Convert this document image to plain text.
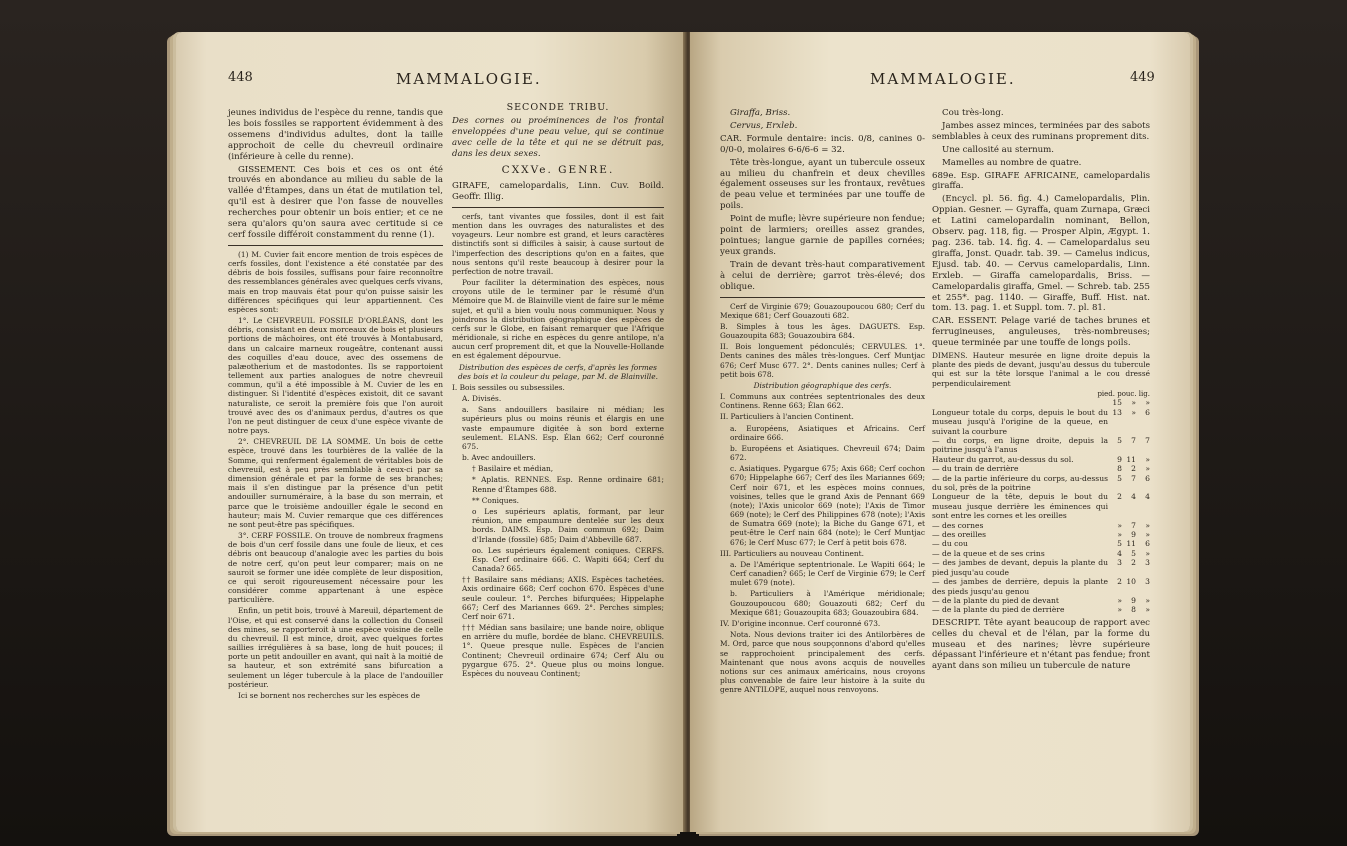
448	MAMMALOGIE.

jeunes individus de l'espèce du renne, tandis que les bois fossiles se rapportent évidemment à des ossemens d'individus adultes, dont la taille approchoit de celle du chevreuil ordinaire (inférieure à celle du renne).

GISSEMENT. Ces bois et ces os ont été trouvés en abondance au milieu du sable de la vallée d'Étampes, dans un état de mutilation tel, qu'il est à desirer que l'on fasse de nouvelles recherches pour obtenir un bois entier; et ce ne sera qu'alors qu'on saura avec certitude si ce cerf fossile différoit constamment du renne (1).

(1) M. Cuvier fait encore mention de trois espèces de cerfs fossiles, dont l'existence a été constatée par des débris de bois fossiles, suffisans pour faire reconnoître des ressemblances générales avec quelques cerfs vivans, mais en trop mauvais état pour qu'on puisse saisir les différences spécifiques qui leur appartiennent. Ces espèces sont:

1°. Le CHEVREUIL FOSSILE D'ORLÉANS, dont les débris, consistant en deux morceaux de bois et plusieurs portions de mâchoires, ont été trouvés à Montabusard, dans un calcaire marneux rougeâtre, contenant aussi des coquilles d'eau douce, avec des ossemens de palæotherium et de mastodontes. Ils se rapportoient tellement aux parties analogues de notre chevreuil commun, qu'il a été impossible à M. Cuvier de les en distinguer. Si l'identité d'espèces existoit, dit ce savant naturaliste, ce seroit la première fois que l'on auroit trouvé avec des os d'animaux perdus, d'autres os que l'on ne peut distinguer de ceux d'une espèce vivante de notre pays.

2°. CHEVREUIL DE LA SOMME. Un bois de cette espèce, trouvé dans les tourbières de la vallée de la Somme, qui renferment également de véritables bois de chevreuil, est à peu près semblable à ceux-ci par sa dimension générale et par la forme de ses branches; mais il s'en distingue par la présence d'un petit andouiller surnuméraire, à la base du son merrain, et parce que le troisième andouiller égale le second en hauteur; mais M. Cuvier remarque que ces différences ne sont peut-être pas spécifiques.

3°. CERF FOSSILE. On trouve de nombreux fragmens de bois d'un cerf fossile dans une foule de lieux, et ces débris ont beaucoup d'analogie avec les parties du bois de notre cerf, qu'on peut leur comparer; mais on ne sauroit se former une idée complète de leur disposition, ce qui seroit rigoureusement nécessaire pour les considérer comme appartenant à une espèce particulière.

Enfin, un petit bois, trouvé à Mareuil, département de l'Oise, et qui est conservé dans la collection du Conseil des mines, se rapporteroit à une espèce voisine de celle du chevreuil. Il est mince, droit, avec quelques fortes saillies irrégulières à sa base, long de huit pouces; il porte un petit andouiller en avant, qui naît à la moitié de sa hauteur, et son extrémité sans bifurcation a seulement un léger tubercule à la place de l'andouiller postérieur.

Ici se bornent nos recherches sur les espèces de

SECONDE TRIBU.

Des cornes ou proéminences de l'os frontal enveloppées d'une peau velue, qui se continue avec celle de la tête et qui ne se détruit pas, dans les deux sexes.

CXXVe. GENRE.

GIRAFE, camelopardalis, Linn. Cuv. Boild. Geoffr. Illig.

cerfs, tant vivantes que fossiles, dont il est fait mention dans les ouvrages des naturalistes et des voyageurs. Leur nombre est grand, et leurs caractères distinctifs sont si difficiles à saisir, à cause surtout de l'imperfection des descriptions qu'on en a faites, que nous sentons qu'il reste beaucoup à desirer pour la perfection de notre travail.

Pour faciliter la détermination des espèces, nous croyons utile de le terminer par le résumé d'un Mémoire que M. de Blainville vient de faire sur le même sujet, et qu'il a bien voulu nous communiquer. Nous y joindrons la distribution géographique des espèces de cerfs sur le Globe, en faisant remarquer que l'Afrique méridionale, si riche en espèces du genre antilope, n'a aucun cerf proprement dit, et que la Nouvelle-Hollande en est également dépourvue.

Distribution des espèces de cerfs, d'après les formes des bois et la couleur du pelage, par M. de Blainville.

I. Bois sessiles ou subsessiles.

A. Divisés.

a. Sans andouillers basilaire ni médian; les supérieurs plus ou moins réunis et élargis en une vaste empaumure digitée à son bord externe seulement. ELANS. Esp. Élan 662; Cerf couronné 675.

b. Avec andouillers.

† Basilaire et médian,

* Aplatis. RENNES. Esp. Renne ordinaire 681; Renne d'Étampes 688.

** Coniques.

o Les supérieurs aplatis, formant, par leur réunion, une empaumure dentelée sur les deux bords. DAIMS. Esp. Daim commun 692; Daim d'Irlande (fossile) 685; Daim d'Abbeville 687.

oo. Les supérieurs également coniques. CERFS. Esp. Cerf ordinaire 666. C. Wapiti 664; Cerf du Canada? 665.

†† Basilaire sans médians; AXIS. Espèces tachetées. Axis ordinaire 668; Cerf cochon 670. Espèces d'une seule couleur. 1°. Perches bifurquées; Hippelaphe 667; Cerf des Mariannes 669. 2°. Perches simples; Cerf noir 671.

††† Médian sans basilaire; une bande noire, oblique en arrière du mufle, bordée de blanc. CHEVREUILS. 1°. Queue presque nulle. Espèces de l'ancien Continent; Chevreuil ordinaire 674; Cerf Alu ou pygargue 675. 2°. Queue plus ou moins longue. Espèces du nouveau Continent;

MAMMALOGIE.	449

Giraffa, Briss.

Cervus, Erxleb.

CAR. Formule dentaire: incis. 0/8, canines 0-0/0-0, molaires 6-6/6-6 = 32.

Tête très-longue, ayant un tubercule osseux au milieu du chanfrein et deux chevilles également osseuses sur les frontaux, revêtues de peau velue et terminées par une touffe de poils.

Point de mufle; lèvre supérieure non fendue; point de larmiers; oreilles assez grandes, pointues; langue garnie de papilles cornées; yeux grands.

Train de devant très-haut comparativement à celui de derrière; garrot très-élevé; dos oblique.

Cerf de Virginie 679; Gouazoupoucou 680; Cerf du Mexique 681; Cerf Gouazouti 682.

B. Simples à tous les âges. DAGUETS. Esp. Gouazoupita 683; Gouazoubira 684.

II. Bois longuement pédonculés; CERVULES. 1°. Dents canines des mâles très-longues. Cerf Muntjac 676; Cerf Musc 677. 2°. Dents canines nulles; Cerf à petit bois 678.

Distribution géographique des cerfs.

I. Communs aux contrées septentrionales des deux Continens. Renne 663; Élan 662.

II. Particuliers à l'ancien Continent.

a. Européens, Asiatiques et Africains. Cerf ordinaire 666.

b. Européens et Asiatiques. Chevreuil 674; Daim 672.

c. Asiatiques. Pygargue 675; Axis 668; Cerf cochon 670; Hippelaphe 667; Cerf des îles Mariannes 669; Cerf noir 671, et les espèces moins connues, voisines, telles que le grand Axis de Pennant 669 (note); l'Axis unicolor 669 (note); l'Axis de Timor 669 (note); le Cerf des Philippines 678 (note); l'Axis de Sumatra 669 (note); la Biche du Gange 671, et peut-être le Cerf nain 684 (note); le Cerf Muntjac 676; le Cerf Musc 677; le Cerf à petit bois 678.

III. Particuliers au nouveau Continent.

a. De l'Amérique septentrionale. Le Wapiti 664; le Cerf canadien? 665; le Cerf de Virginie 679; le Cerf mulet 679 (note).

b. Particuliers à l'Amérique méridionale; Gouzoupoucou 680; Gouazouti 682; Cerf du Mexique 681; Gouazoupita 683; Gouazoubira 684.

IV. D'origine inconnue. Cerf couronné 673.

Nota. Nous devions traiter ici des Antilorbères de M. Ord, parce que nous soupçonnons d'abord qu'elles se rapprochoient principalement des cerfs. Maintenant que nous avons acquis de nouvelles notions sur ces animaux américains, nous croyons plus convenable de faire leur histoire à la suite du genre ANTILOPE, auquel nous renvoyons.

Cou très-long.

Jambes assez minces, terminées par des sabots semblables à ceux des ruminans proprement dits.

Une callosité au sternum.

Mamelles au nombre de quatre.

689e. Esp. GIRAFE AFRICAINE, camelopardalis giraffa.

(Encycl. pl. 56. fig. 4.) Camelopardalis, Plin. Oppian. Gesner. — Gyraffa, quam Zurnapa, Græci et Latini camelopardalin nominant, Bellon, Observ. pag. 118, fig. — Prosper Alpin, Ægypt. 1. pag. 236. tab. 14. fig. 4. — Camelopardalus seu giraffa, Jonst. Quadr. tab. 39. — Camelus indicus, Ejusd. tab. 40. — Cervus camelopardalis, Linn. Erxleb. — Giraffa camelopardalis, Briss. — Camelopardalis giraffa, Gmel. — Schreb. tab. 255 et 255*. pag. 1140. — Giraffe, Buff. Hist. nat. tom. 13. pag. 1. et Suppl. tom. 7. pl. 81.

CAR. ESSENT. Pelage varié de taches brunes et ferrugineuses, anguleuses, très-nombreuses; queue terminée par une touffe de longs poils.

DIMENS. Hauteur mesurée en ligne droite depuis la plante des pieds de devant, jusqu'au dessus du tubercule qui est sur la tête lorsque l'animal a le cou dressé perpendiculairement

pied. pouc. lig.
15	»	»
Longueur totale du corps, depuis le bout du museau jusqu'à l'origine de la queue, en suivant la courbure
13	»	6
— du corps, en ligne droite, depuis la poitrine jusqu'à l'anus
5	7	7
Hauteur du garrot, au-dessus du sol.	9 11	»
— du train de derrière	8	2	»
— de la partie inférieure du corps, au-dessus du sol, près de la poitrine
5	7	6
Longueur de la tête, depuis le bout du museau jusque derrière les éminences qui sont entre les cornes et les oreilles
2	4	4
— des cornes	»	7	»
— des oreilles	»	9	»
— du cou	5 11	6
— de la queue et de ses crins	4	5	»
— des jambes de devant, depuis la plante du pied jusqu'au coude
3	2	3
— des jambes de derrière, depuis la plante des pieds jusqu'au genou
2 10	3
— de la plante du pied de devant	»	9	»
— de la plante du pied de derrière	»	8	»

DESCRIPT. Tête ayant beaucoup de rapport avec celles du cheval et de l'élan, par la forme du museau et des narines; lèvre supérieure dépassant l'inférieure et n'étant pas fendue; front ayant dans son milieu un tubercule de nature
